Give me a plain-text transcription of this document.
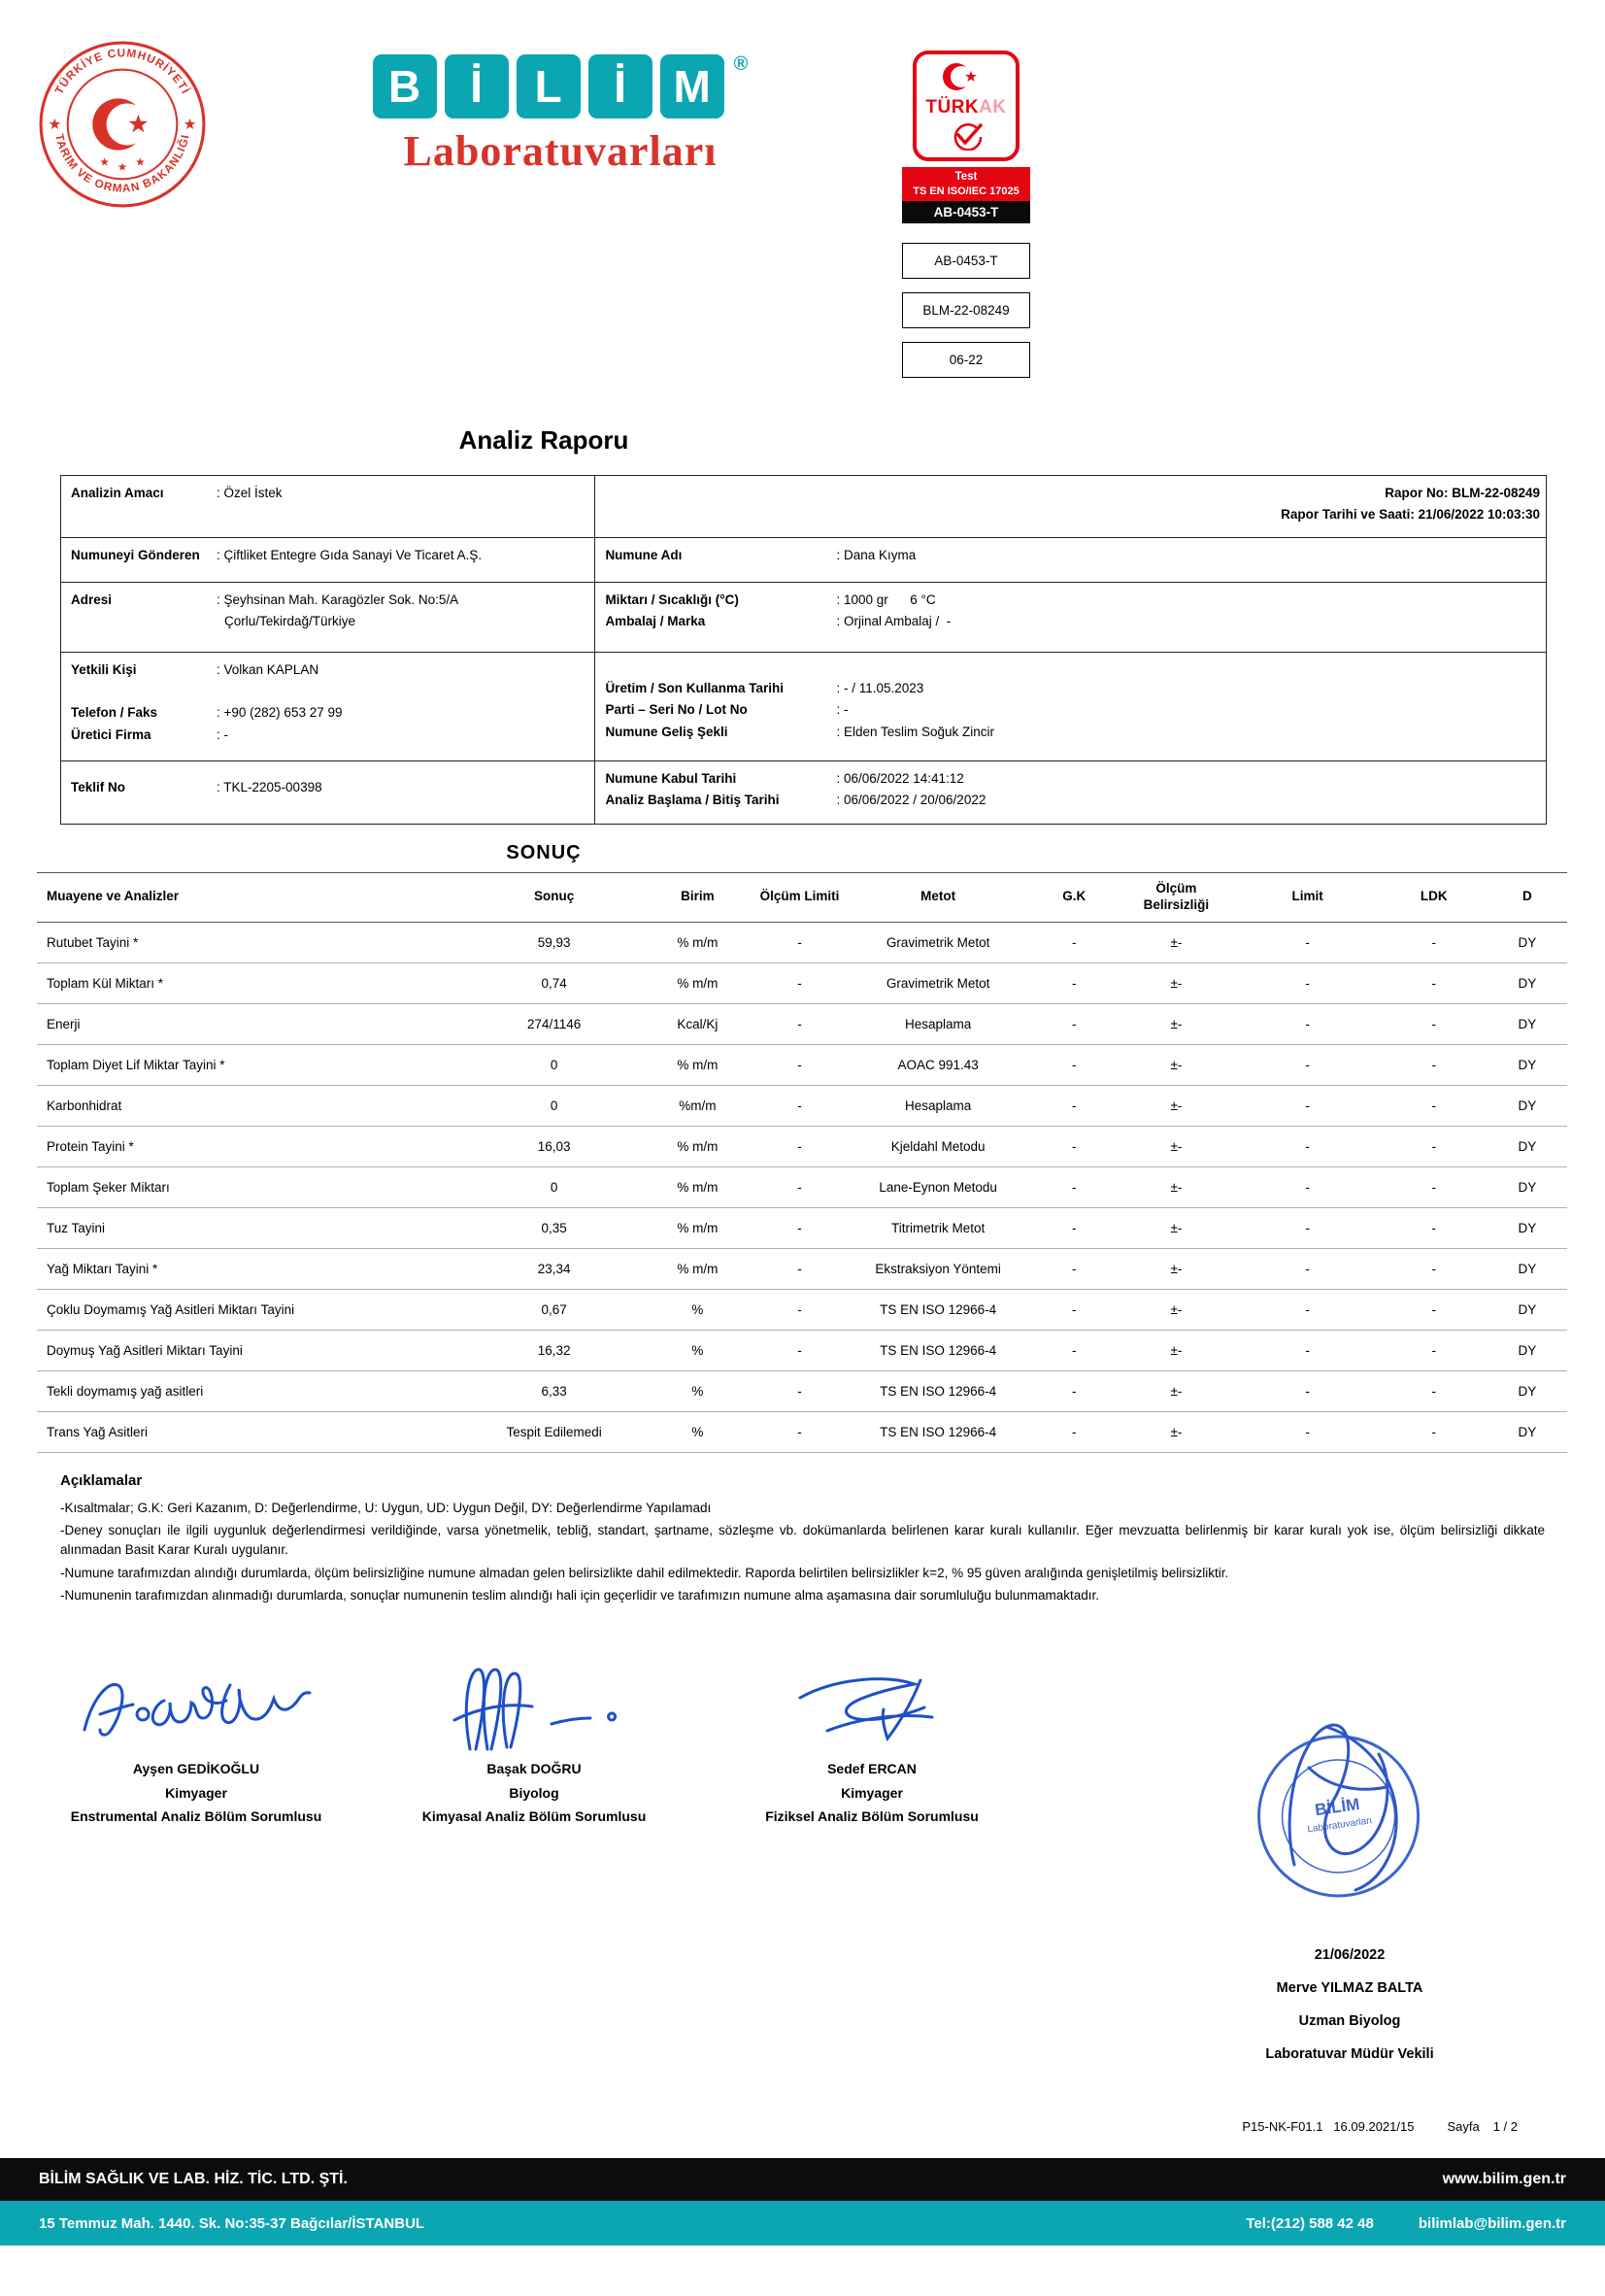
TÜRKİYE CUMHURİYETİ
TARIM VE ORMAN BAKANLIĞI
B	İ	L	İ	M	®
Laboratuvarları
TÜRKAK
Test
TS EN ISO/IEC 17025
AB-0453-T
AB-0453-T
BLM-22-08249
06-22
Analiz Raporu
Analizin Amacı	: Özel İstek	Rapor No : BLM-22-08249
Rapor Tarihi ve Saati : 21/06/2022 10:03:30
Numuneyi Gönderen	: Çiftliket Entegre Gıda Sanayi Ve Ticaret A.Ş.	Numune Adı	: Dana Kıyma
Adresi	: Şeyhsinan Mah. Karagözler Sok. No:5/A
Çorlu/Tekirdağ/Türkiye
Miktarı / Sıcaklığı (°C)	: 1000 gr      6 °C
Ambalaj / Marka	: Orjinal Ambalaj /  -
Yetkili Kişi	: Volkan KAPLAN
Telefon / Faks	: +90 (282) 653 27 99
Üretici Firma	: -
Üretim / Son Kullanma Tarihi	: - / 11.05.2023
Parti – Seri No / Lot No	: -
Numune Geliş Şekli	: Elden Teslim Soğuk Zincir
Teklif No	: TKL-2205-00398
Numune Kabul Tarihi	: 06/06/2022 14:41:12
Analiz Başlama / Bitiş Tarihi	: 06/06/2022 / 20/06/2022
SONUÇ
Muayene ve Analizler	Sonuç	Birim	Ölçüm Limiti	Metot	G.K	Ölçüm Belirsizliği	Limit	LDK	D
Rutubet Tayini *	59,93	% m/m	-	Gravimetrik Metot	-	±-	-	-	DY
Toplam Kül Miktarı *	0,74	% m/m	-	Gravimetrik Metot	-	±-	-	-	DY
Enerji	274/1146	Kcal/Kj	-	Hesaplama	-	±-	-	-	DY
Toplam Diyet Lif Miktar Tayini *	0	% m/m	-	AOAC 991.43	-	±-	-	-	DY
Karbonhidrat	0	%m/m	-	Hesaplama	-	±-	-	-	DY
Protein Tayini *	16,03	% m/m	-	Kjeldahl Metodu	-	±-	-	-	DY
Toplam Şeker Miktarı	0	% m/m	-	Lane-Eynon Metodu	-	±-	-	-	DY
Tuz Tayini	0,35	% m/m	-	Titrimetrik Metot	-	±-	-	-	DY
Yağ Miktarı Tayini *	23,34	% m/m	-	Ekstraksiyon Yöntemi	-	±-	-	-	DY
Çoklu Doymamış Yağ Asitleri Miktarı Tayini	0,67	%	-	TS EN ISO 12966-4	-	±-	-	-	DY
Doymuş Yağ Asitleri Miktarı Tayini	16,32	%	-	TS EN ISO 12966-4	-	±-	-	-	DY
Tekli doymamış yağ asitleri	6,33	%	-	TS EN ISO 12966-4	-	±-	-	-	DY
Trans Yağ Asitleri	Tespit Edilemedi	%	-	TS EN ISO 12966-4	-	±-	-	-	DY
Açıklamalar

-Kısaltmalar; G.K: Geri Kazanım, D: Değerlendirme, U: Uygun, UD: Uygun Değil, DY: Değerlendirme Yapılamadı

-Deney sonuçları ile ilgili uygunluk değerlendirmesi verildiğinde, varsa yönetmelik, tebliğ, standart, şartname, sözleşme vb. dokümanlarda belirlenen karar kuralı kullanılır. Eğer mevzuatta belirlenmiş bir karar kuralı yok ise, ölçüm belirsizliği dikkate alınmadan Basit Karar Kuralı uygulanır.

-Numune tarafımızdan alındığı durumlarda, ölçüm belirsizliğine numune almadan gelen belirsizlikte dahil edilmektedir. Raporda belirtilen belirsizlikler k=2, % 95 güven aralığında genişletilmiş belirsizliktir.

-Numunenin tarafımızdan alınmadığı durumlarda, sonuçlar numunenin teslim alındığı hali için geçerlidir ve tarafımızın numune alma aşamasına dair sorumluluğu bulunmamaktadır.

Ayşen GEDİKOĞLU
Kimyager
Enstrumental Analiz Bölüm Sorumlusu
Başak DOĞRU
Biyolog
Kimyasal Analiz Bölüm Sorumlusu
Sedef ERCAN
Kimyager
Fiziksel Analiz Bölüm Sorumlusu	BİLİM
Laboratuvarları
21/06/2022
Merve YILMAZ BALTA
Uzman Biyolog
Laboratuvar Müdür Vekili
P15-NK-F01.1   16.09.2021/15	Sayfa 1 / 2
BİLİM SAĞLIK VE LAB. HİZ. TİC. LTD. ŞTİ.	www.bilim.gen.tr
15 Temmuz Mah. 1440. Sk. No:35-37 Bağcılar/İSTANBUL	Tel:(212) 588 42 48	bilimlab@bilim.gen.tr
